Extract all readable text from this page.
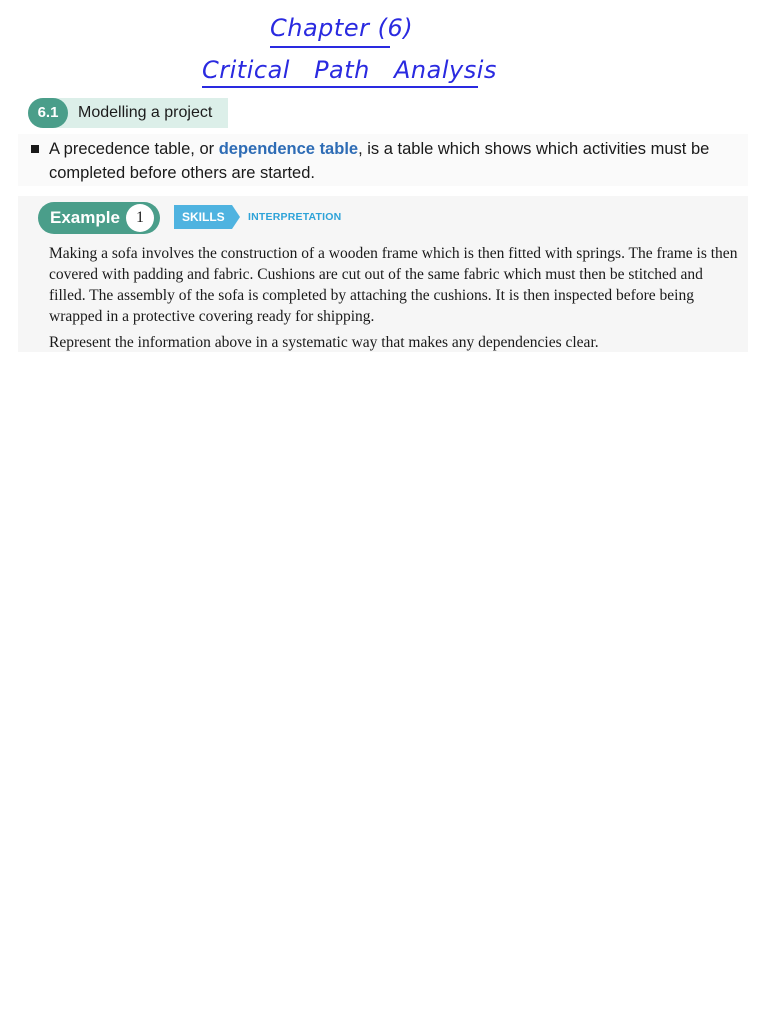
Chapter (6)
Critical Path Analysis
6.1	Modelling a project
A precedence table, or dependence table, is a table which shows which activities must be completed before others are started.
Example	1	SKILLS INTERPRETATION

Making a sofa involves the construction of a wooden frame which is then fitted with springs. The frame is then covered with padding and fabric. Cushions are cut out of the same fabric which must then be stitched and filled. The assembly of the sofa is completed by attaching the cushions. It is then inspected before being wrapped in a protective covering ready for shipping.

Represent the information above in a systematic way that makes any dependencies clear.
